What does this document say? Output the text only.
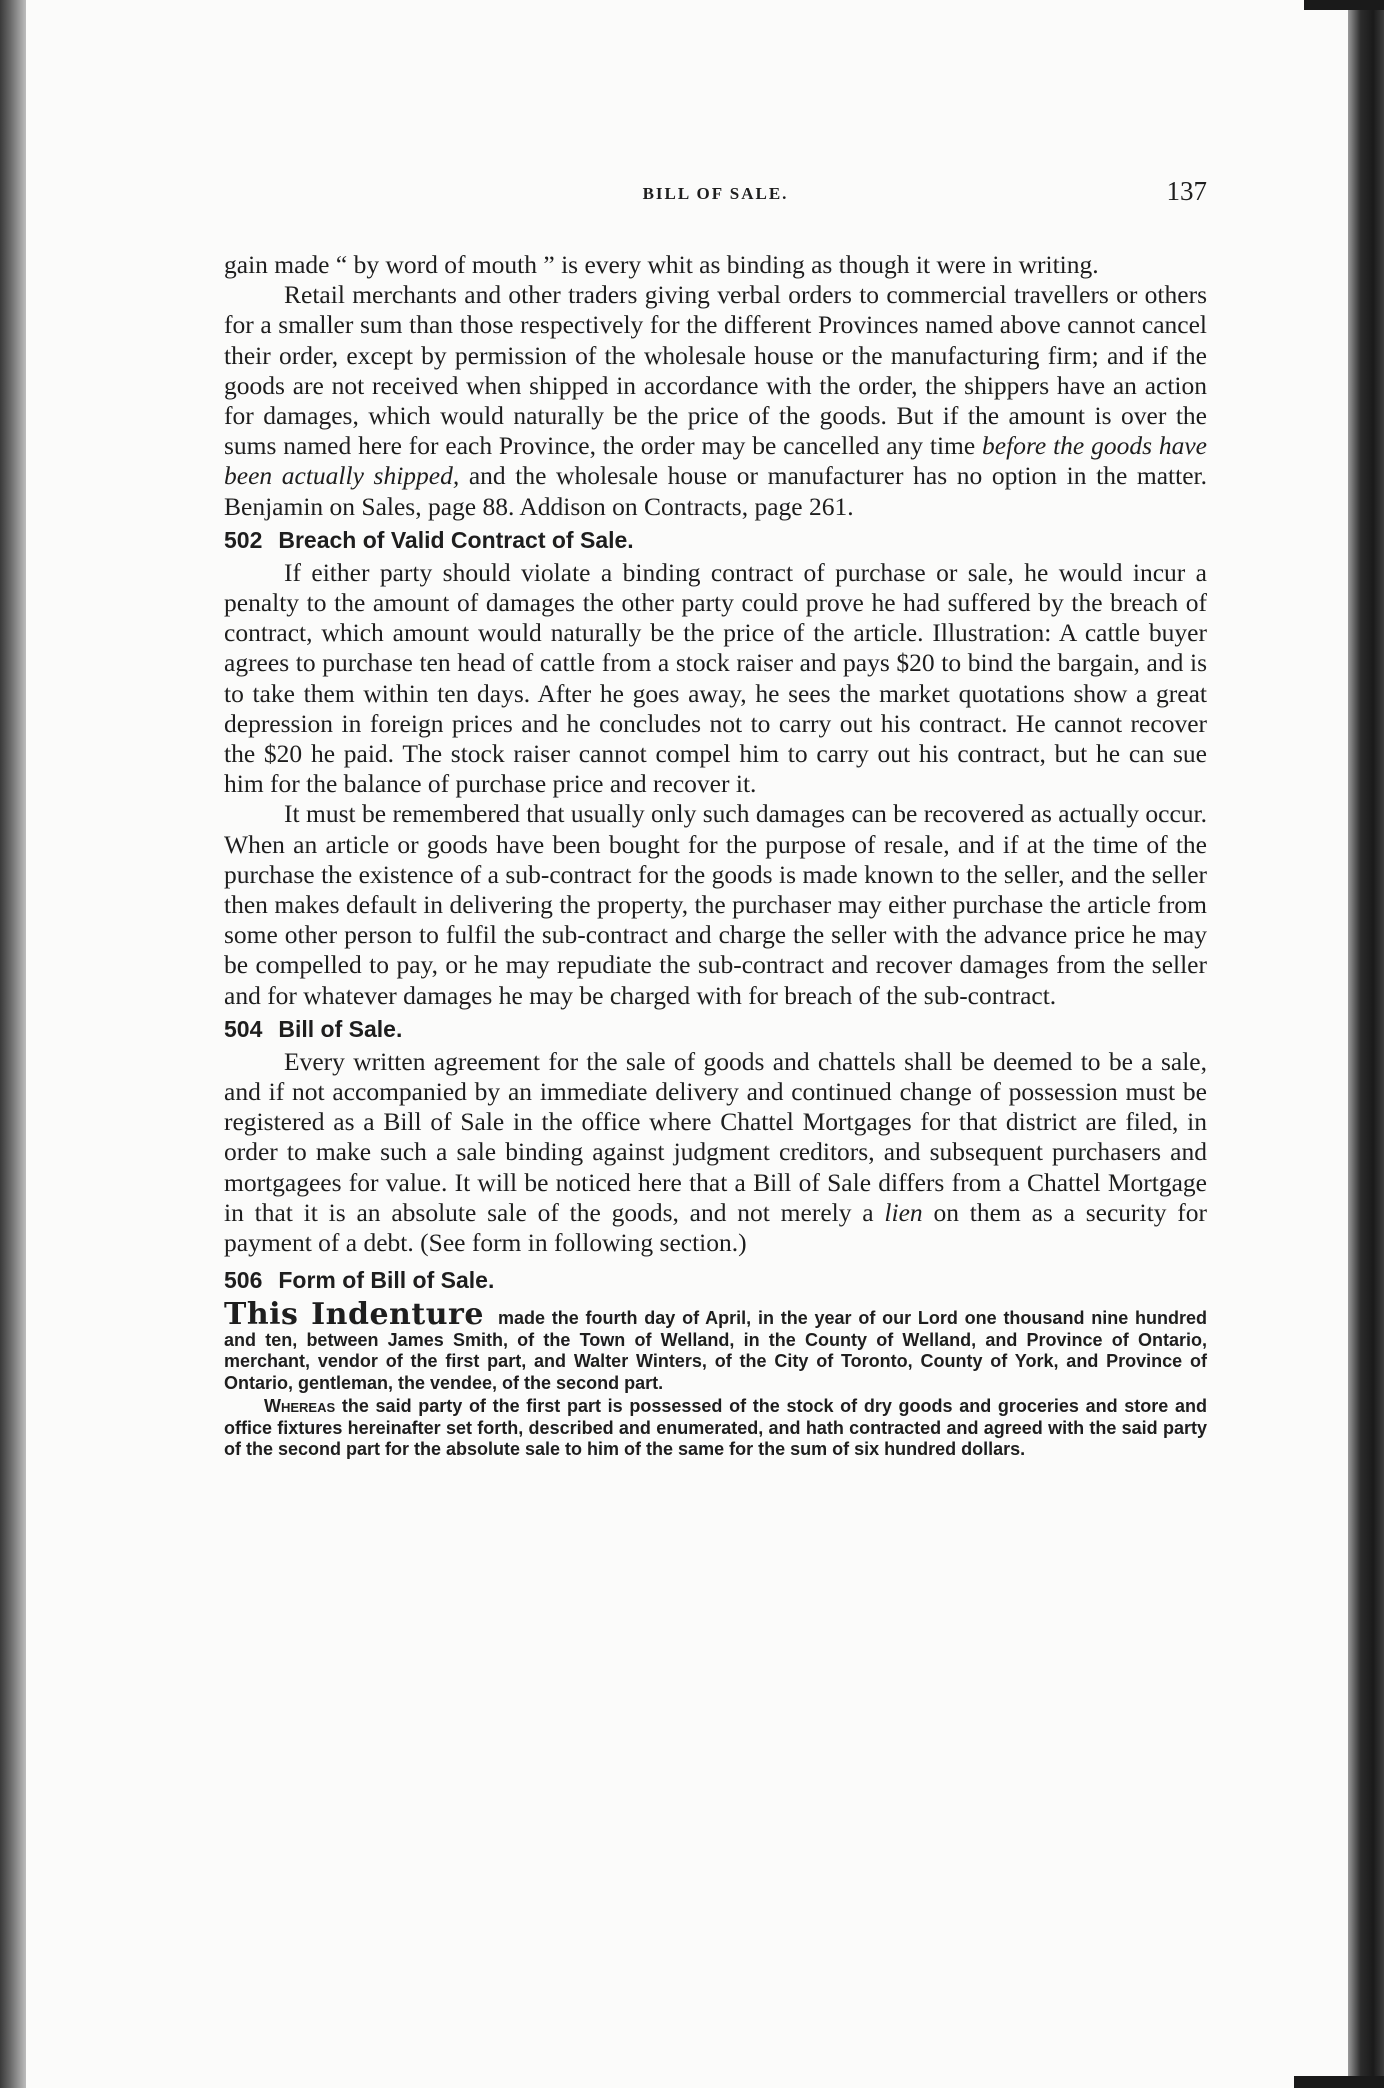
BILL OF SALE.	137

gain made “ by word of mouth ” is every whit as binding as though it were in writing.

Retail merchants and other traders giving verbal orders to commercial travellers or others for a smaller sum than those respectively for the different Provinces named above cannot cancel their order, except by permission of the wholesale house or the manufacturing firm; and if the goods are not received when shipped in accordance with the order, the shippers have an action for damages, which would naturally be the price of the goods. But if the amount is over the sums named here for each Province, the order may be cancelled any time before the goods have been actually shipped, and the wholesale house or manufacturer has no option in the matter. Benjamin on Sales, page 88. Addison on Contracts, page 261.

502 Breach of Valid Contract of Sale.

If either party should violate a binding contract of purchase or sale, he would incur a penalty to the amount of damages the other party could prove he had suffered by the breach of contract, which amount would naturally be the price of the article. Illustration: A cattle buyer agrees to purchase ten head of cattle from a stock raiser and pays $20 to bind the bargain, and is to take them within ten days. After he goes away, he sees the market quotations show a great depression in foreign prices and he concludes not to carry out his contract. He cannot recover the $20 he paid. The stock raiser cannot compel him to carry out his contract, but he can sue him for the balance of purchase price and recover it.

It must be remembered that usually only such damages can be recovered as actually occur. When an article or goods have been bought for the purpose of resale, and if at the time of the purchase the existence of a sub-contract for the goods is made known to the seller, and the seller then makes default in delivering the property, the purchaser may either purchase the article from some other person to fulfil the sub-contract and charge the seller with the advance price he may be compelled to pay, or he may repudiate the sub-contract and recover damages from the seller and for whatever damages he may be charged with for breach of the sub-contract.

504 Bill of Sale.

Every written agreement for the sale of goods and chattels shall be deemed to be a sale, and if not accompanied by an immediate delivery and continued change of possession must be registered as a Bill of Sale in the office where Chattel Mortgages for that district are filed, in order to make such a sale binding against judgment creditors, and subsequent purchasers and mortgagees for value. It will be noticed here that a Bill of Sale differs from a Chattel Mortgage in that it is an absolute sale of the goods, and not merely a lien on them as a security for payment of a debt. (See form in following section.)

506 Form of Bill of Sale.

This Indenture made the fourth day of April, in the year of our Lord one thousand nine hundred and ten, between James Smith, of the Town of Welland, in the County of Welland, and Province of Ontario, merchant, vendor of the first part, and Walter Winters, of the City of Toronto, County of York, and Province of Ontario, gentleman, the vendee, of the second part.

Whereas the said party of the first part is possessed of the stock of dry goods and groceries and store and office fixtures hereinafter set forth, described and enumerated, and hath contracted and agreed with the said party of the second part for the absolute sale to him of the same for the sum of six hundred dollars.
